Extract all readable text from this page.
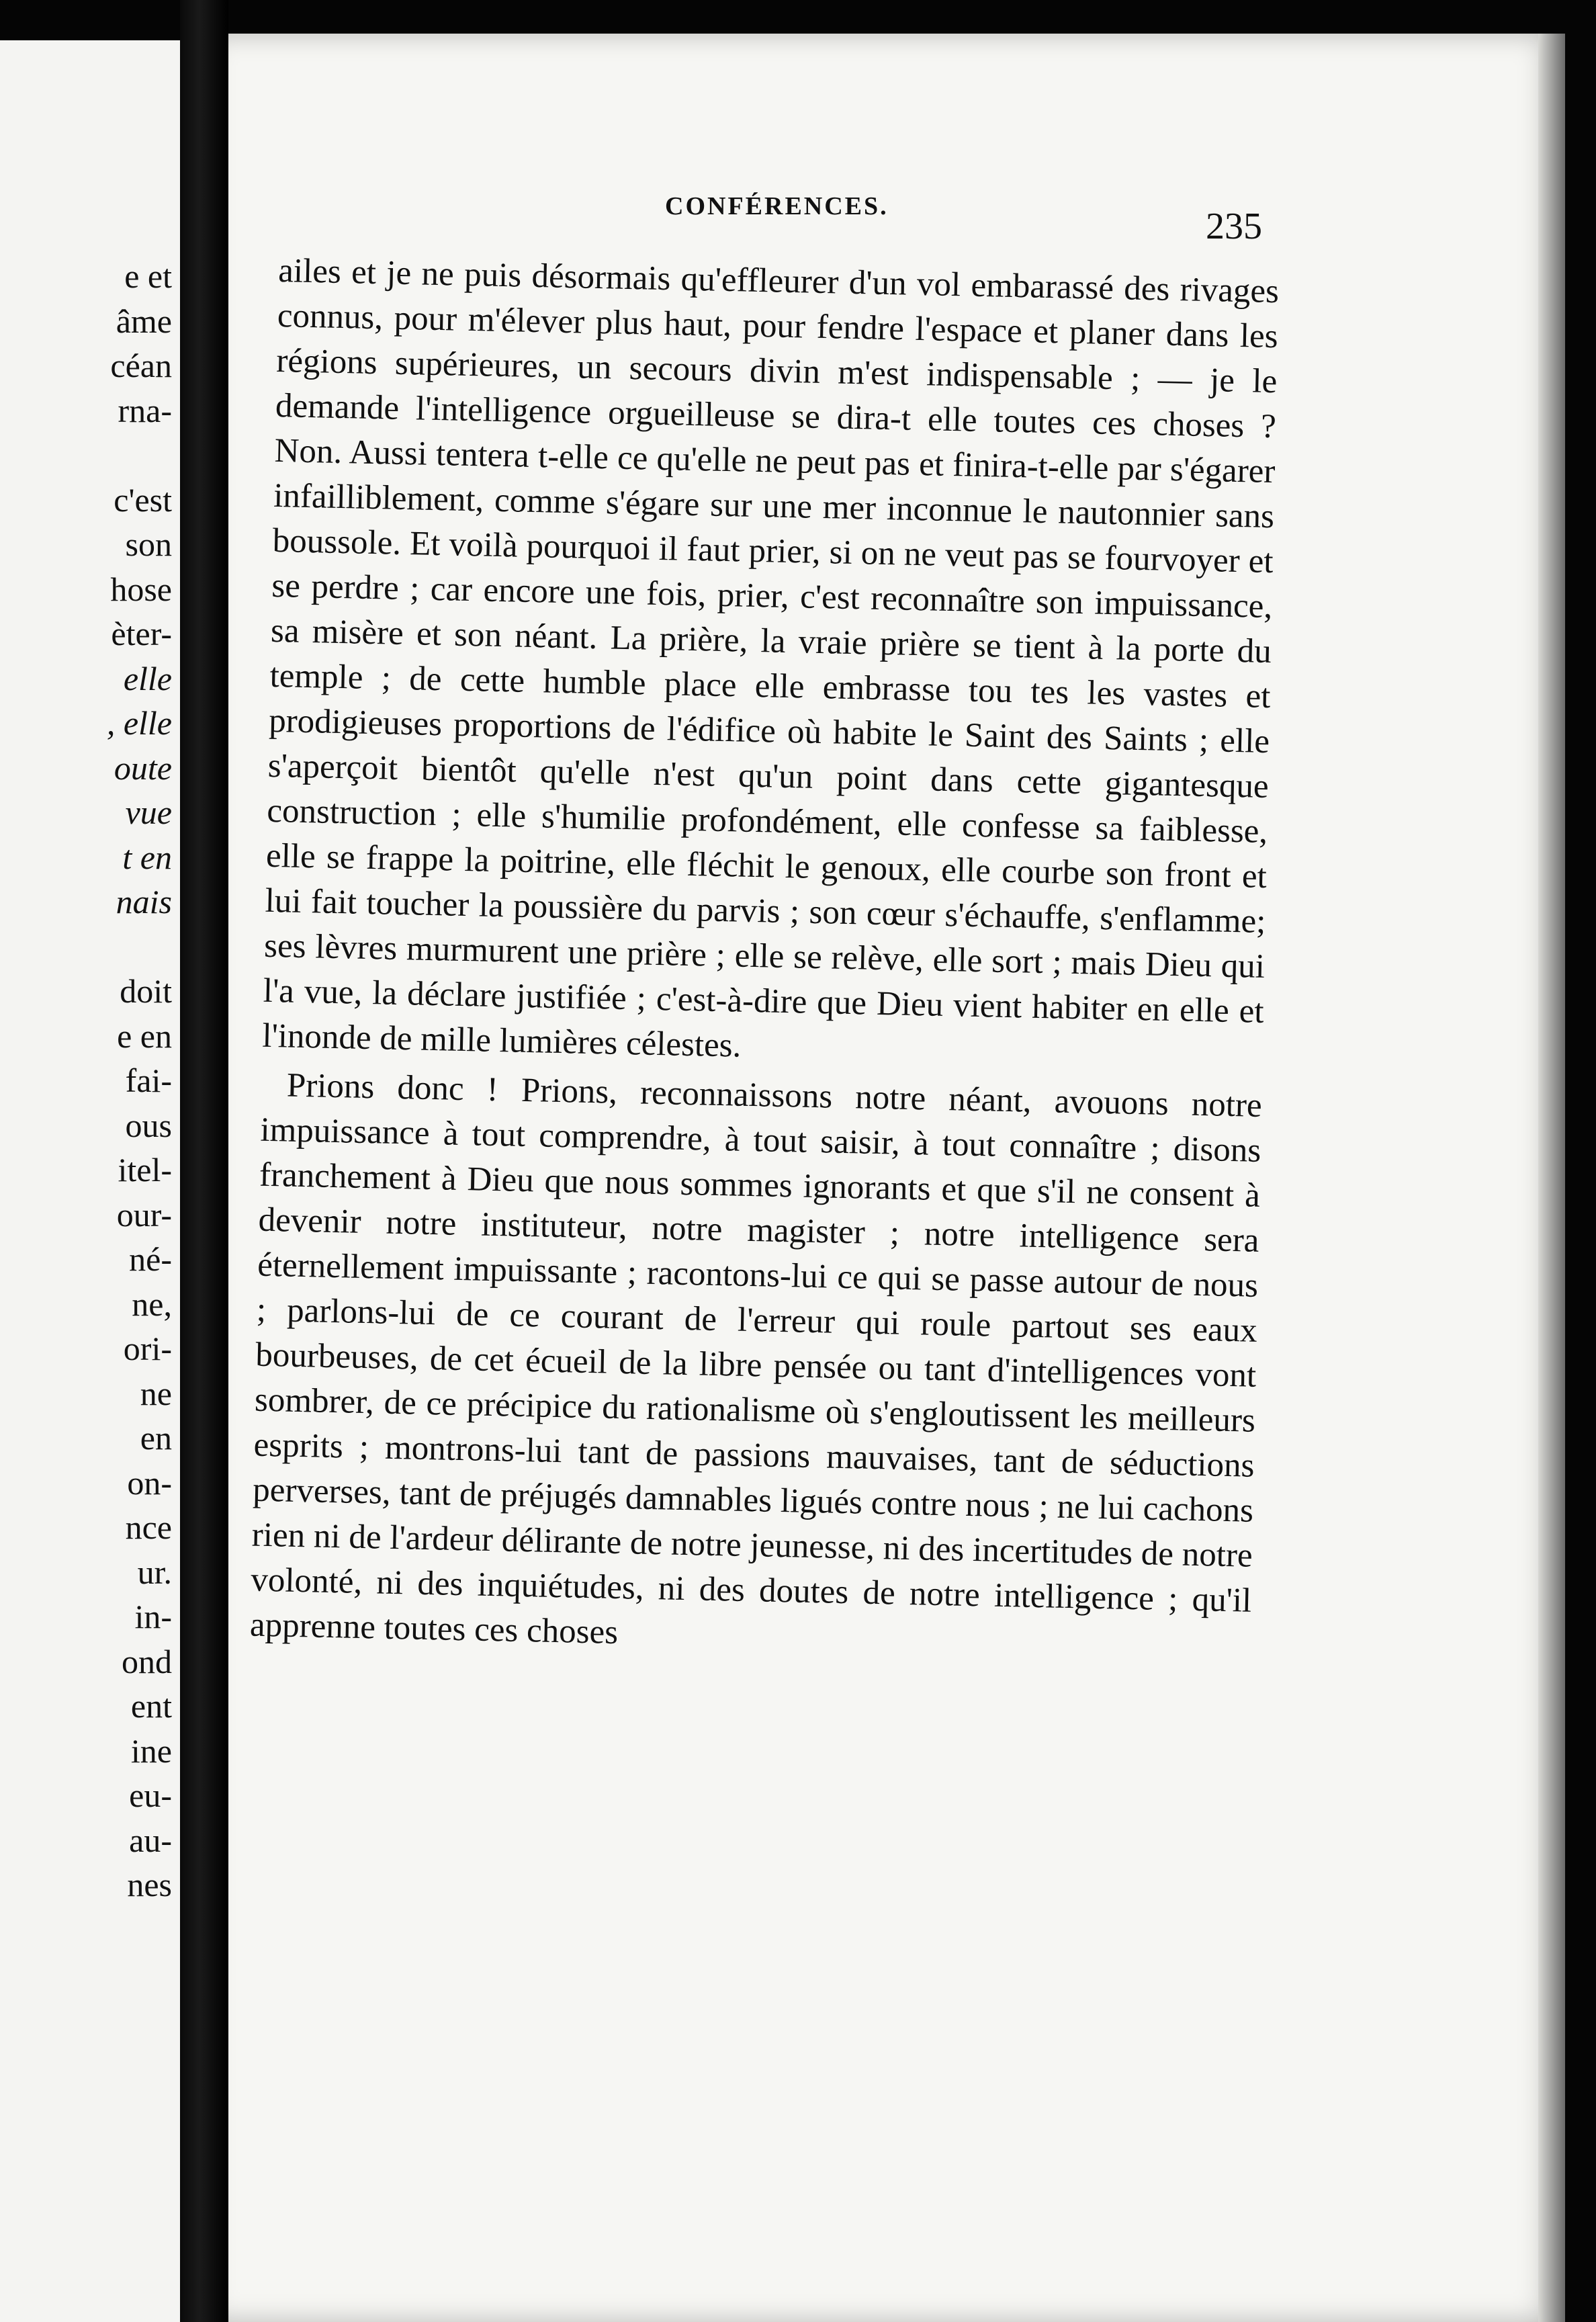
e et
âme
céan
rna-

c'est
son
hose
èter-
elle
, elle
oute
vue
t en
nais

doit
e en
fai-
ous
itel-
our-
né-
ne,
ori-
ne
en
on-
nce
ur.
in-
ond
ent
ine
eu-
au-
nes
CONFÉRENCES.	235

ailes et je ne puis désormais qu'effleurer d'un vol embarassé des rivages connus, pour m'élever plus haut, pour fendre l'espace et planer dans les régions supérieures, un secours divin m'est indispensable ; — je le demande l'intelligence orgueilleuse se dira-t elle toutes ces choses ? Non. Aussi tentera t-elle ce qu'elle ne peut pas et finira-t-elle par s'égarer infailliblement, comme s'égare sur une mer inconnue le nautonnier sans boussole. Et voilà pourquoi il faut prier, si on ne veut pas se fourvoyer et se perdre ; car encore une fois, prier, c'est reconnaître son impuissance, sa misère et son néant. La prière, la vraie prière se tient à la porte du temple ; de cette humble place elle embrasse tou tes les vastes et prodigieuses proportions de l'édifice où habite le Saint des Saints ; elle s'aperçoit bientôt qu'elle n'est qu'un point dans cette gigantesque construction ; elle s'humilie profondément, elle confesse sa faiblesse, elle se frappe la poitrine, elle fléchit le genoux, elle courbe son front et lui fait toucher la poussière du parvis ; son cœur s'échauffe, s'enflamme; ses lèvres murmurent une prière ; elle se relève, elle sort ; mais Dieu qui l'a vue, la déclare justifiée ; c'est-à-dire que Dieu vient habiter en elle et l'inonde de mille lumières célestes.

Prions donc ! Prions, reconnaissons notre néant, avouons notre impuissance à tout comprendre, à tout saisir, à tout connaître ; disons franchement à Dieu que nous sommes ignorants et que s'il ne consent à devenir notre instituteur, notre magister ; notre intelligence sera éternellement impuissante ; racontons-lui ce qui se passe autour de nous ; parlons-lui de ce courant de l'erreur qui roule partout ses eaux bourbeuses, de cet écueil de la libre pensée ou tant d'intelligences vont sombrer, de ce précipice du rationalisme où s'engloutissent les meilleurs esprits ; montrons-lui tant de passions mauvaises, tant de séductions perverses, tant de préjugés damnables ligués contre nous ; ne lui cachons rien ni de l'ardeur délirante de notre jeunesse, ni des incertitudes de notre volonté, ni des inquiétudes, ni des doutes de notre intelligence ; qu'il apprenne toutes ces choses
